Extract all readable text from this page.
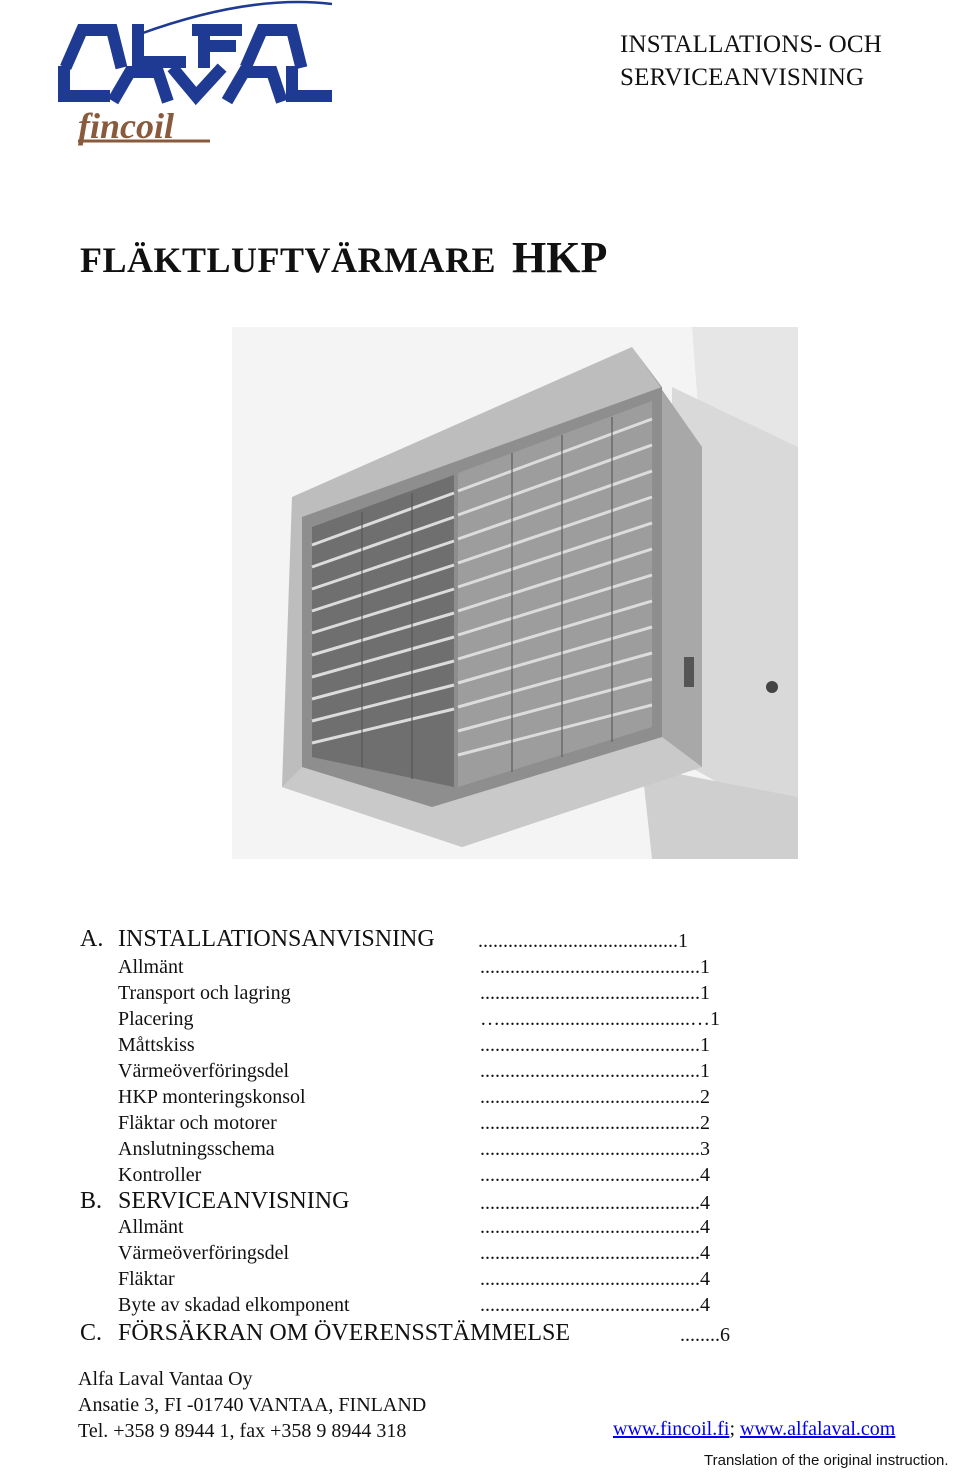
fincoil
INSTALLATIONS- OCH
SERVICEANVISNING
FLÄKTLUFTVÄRMARE HKP
A. INSTALLATIONSANVISNING ........................................1
Allmänt	............................................1
Transport och lagring	............................................1
Placering	…......................................…1
Måttskiss	............................................1
Värmeöverföringsdel	............................................1
HKP monteringskonsol	............................................2
Fläktar och motorer	............................................2
Anslutningsschema	............................................3
Kontroller	............................................4
B. SERVICEANVISNING	............................................4
Allmänt	............................................4
Värmeöverföringsdel	............................................4
Fläktar	............................................4
Byte av skadad elkomponent	............................................4
C. FÖRSÄKRAN OM ÖVERENSSTÄMMELSE	........6
Alfa Laval Vantaa Oy
Ansatie 3, FI -01740 VANTAA, FINLAND
Tel. +358 9 8944 1, fax +358 9 8944 318	www.fincoil.fi; www.alfalaval.com
Translation of the original instruction.
